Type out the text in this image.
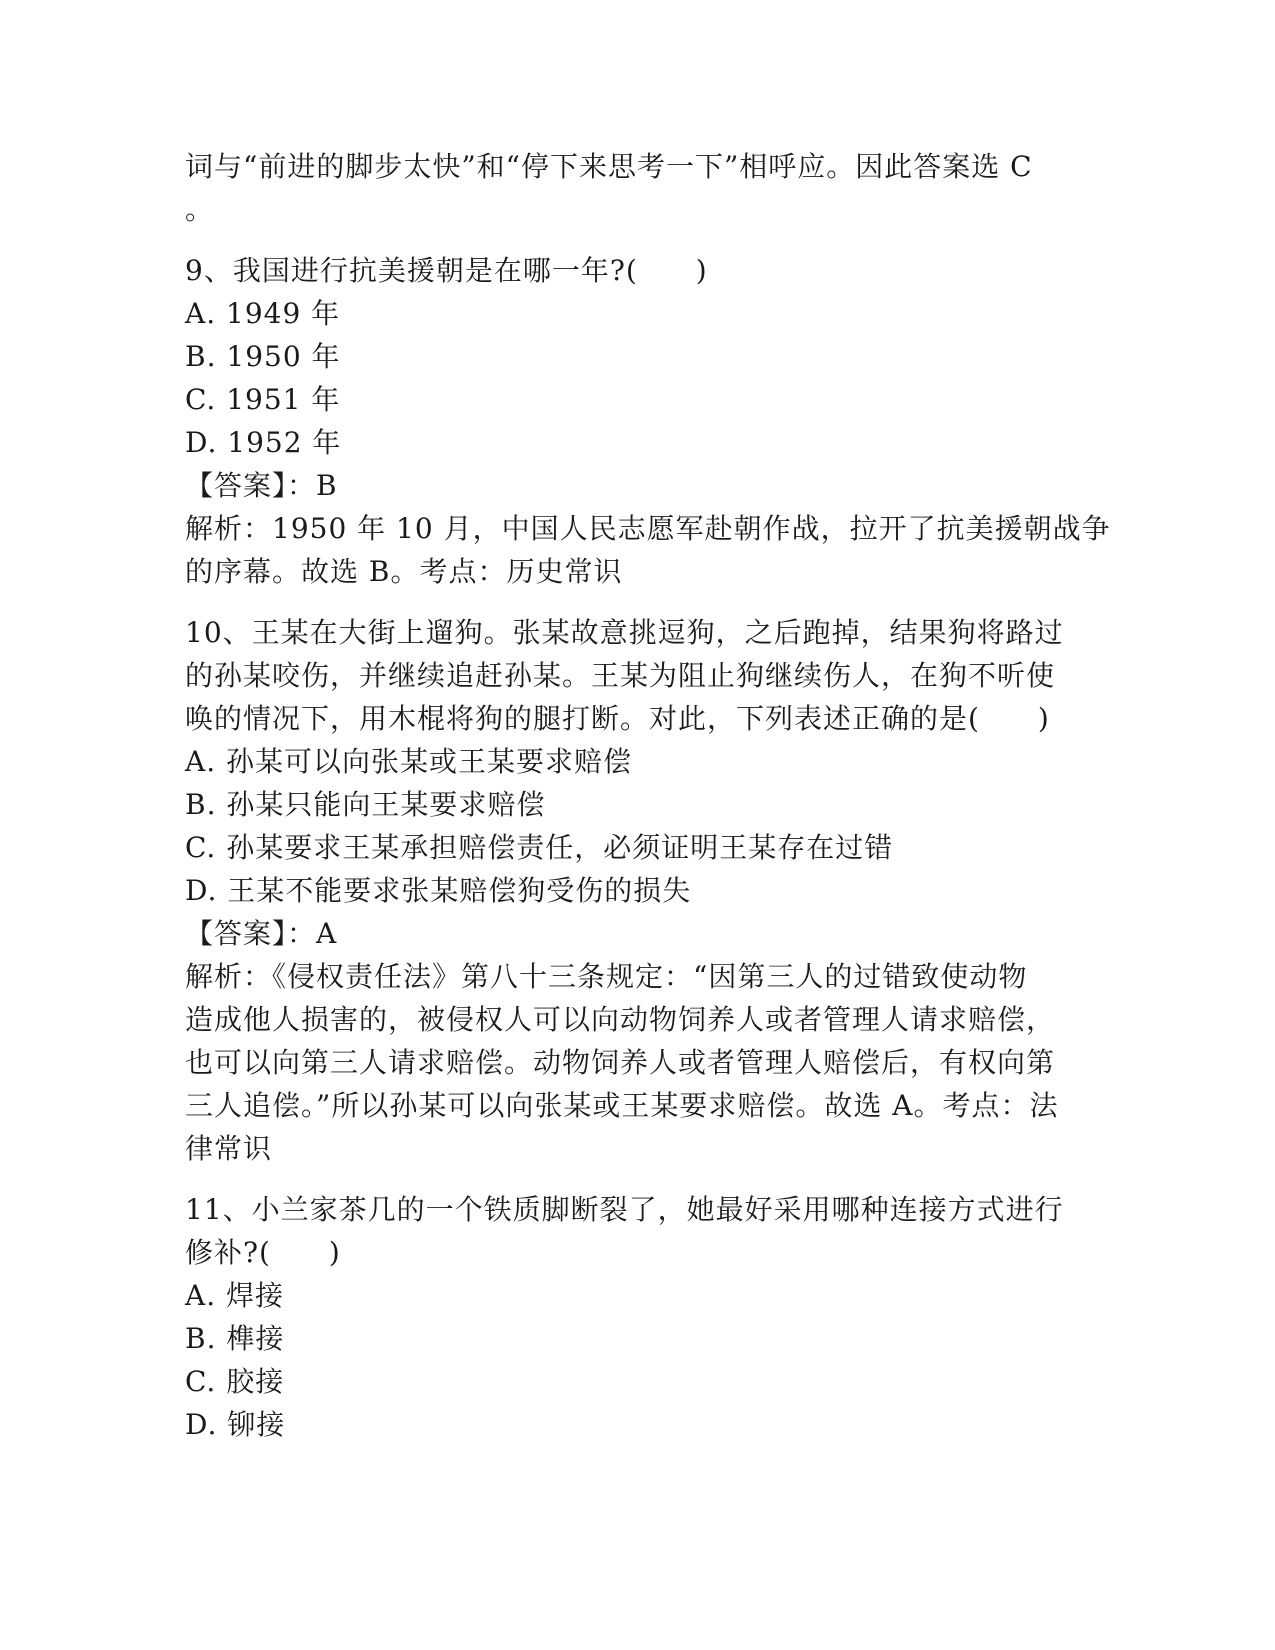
词与“前进的脚步太快”和“停下来思考一下”相呼应。因此答案选 C
。
9、我国进行抗美援朝是在哪一年?(　　)
A. 1949 年
B. 1950 年
C. 1951 年
D. 1952 年
【答案】：B
解析：1950 年 10 月，中国人民志愿军赴朝作战，拉开了抗美援朝战争
的序幕。故选 B。考点：历史常识
10、王某在大街上遛狗。张某故意挑逗狗，之后跑掉，结果狗将路过
的孙某咬伤，并继续追赶孙某。王某为阻止狗继续伤人，在狗不听使
唤的情况下，用木棍将狗的腿打断。对此，下列表述正确的是(　　)
A. 孙某可以向张某或王某要求赔偿
B. 孙某只能向王某要求赔偿
C. 孙某要求王某承担赔偿责任，必须证明王某存在过错
D. 王某不能要求张某赔偿狗受伤的损失
【答案】：A
解析：《侵权责任法》第八十三条规定：“因第三人的过错致使动物
造成他人损害的，被侵权人可以向动物饲养人或者管理人请求赔偿，
也可以向第三人请求赔偿。动物饲养人或者管理人赔偿后，有权向第
三人追偿。”所以孙某可以向张某或王某要求赔偿。故选 A。考点：法
律常识
11、小兰家茶几的一个铁质脚断裂了，她最好采用哪种连接方式进行
修补?(　　)
A. 焊接
B. 榫接
C. 胶接
D. 铆接
